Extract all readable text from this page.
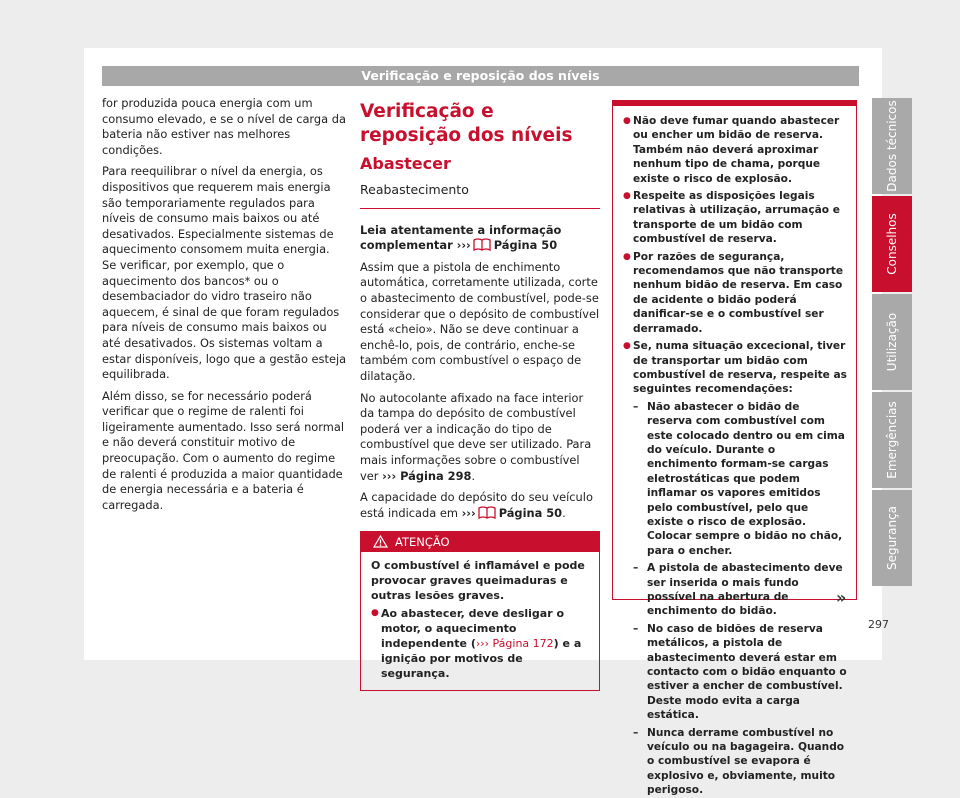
Verificação e reposição dos níveis

for produzida pouca energia com um consumo elevado, e se o nível de carga da bateria não estiver nas melhores condições.

Para reequilibrar o nível da energia, os dispositivos que requerem mais energia são temporariamente regulados para níveis de consumo mais baixos ou até desativados. Especialmente sistemas de aquecimento consomem muita energia. Se verificar, por exemplo, que o aquecimento dos bancos* ou o desembaciador do vidro traseiro não aquecem, é sinal de que foram regulados para níveis de consumo mais baixos ou até desativados. Os sistemas voltam a estar disponíveis, logo que a gestão esteja equilibrada.

Além disso, se for necessário poderá verificar que o regime de ralenti foi ligeiramente aumentado. Isso será normal e não deverá constituir motivo de preocupação. Com o aumento do regime de ralenti é produzida a maior quantidade de energia necessária e a bateria é carregada.

Verificação e reposição dos níveis
Abastecer
Reabastecimento

Leia atentamente a informação complementar ››› Página 50

Assim que a pistola de enchimento automática, corretamente utilizada, corte o abastecimento de combustível, pode-se considerar que o depósito de combustível está «cheio». Não se deve continuar a enchê-lo, pois, de contrário, enche-se também com combustível o espaço de dilatação.

No autocolante afixado na face interior da tampa do depósito de combustível poderá ver a indicação do tipo de combustível que deve ser utilizado. Para mais informações sobre o combustível ver ››› Página 298.

A capacidade do depósito do seu veículo está indicada em ››› Página 50.

ATENÇÃO

O combustível é inflamável e pode provocar graves queimaduras e outras lesões graves.

● Ao abastecer, deve desligar o motor, o aquecimento independente (››› Página 172) e a ignição por motivos de segurança.

● Não deve fumar quando abastecer ou encher um bidão de reserva. Também não deverá aproximar nenhum tipo de chama, porque existe o risco de explosão.
● Respeite as disposições legais relativas à utilização, arrumação e transporte de um bidão com combustível de reserva.
● Por razões de segurança, recomendamos que não transporte nenhum bidão de reserva. Em caso de acidente o bidão poderá danificar-se e o combustível ser derramado.
● Se, numa situação excecional, tiver de transportar um bidão com combustível de reserva, respeite as seguintes recomendações:
– Não abastecer o bidão de reserva com combustível com este colocado dentro ou em cima do veículo. Durante o enchimento formam-se cargas eletrostáticas que podem inflamar os vapores emitidos pelo combustível, pelo que existe o risco de explosão. Colocar sempre o bidão no chão, para o encher.
– A pistola de abastecimento deve ser inserida o mais fundo possível na abertura de enchimento do bidão.
– No caso de bidões de reserva metálicos, a pistola de abastecimento deverá estar em contacto com o bidão enquanto o estiver a encher de combustível. Deste modo evita a carga estática.
– Nunca derrame combustível no veículo ou na bagageira. Quando o combustível se evapora é explosivo e, obviamente, muito perigoso.
»
297
Dados técnicos
Conselhos
Utilização
Emergências
Segurança
